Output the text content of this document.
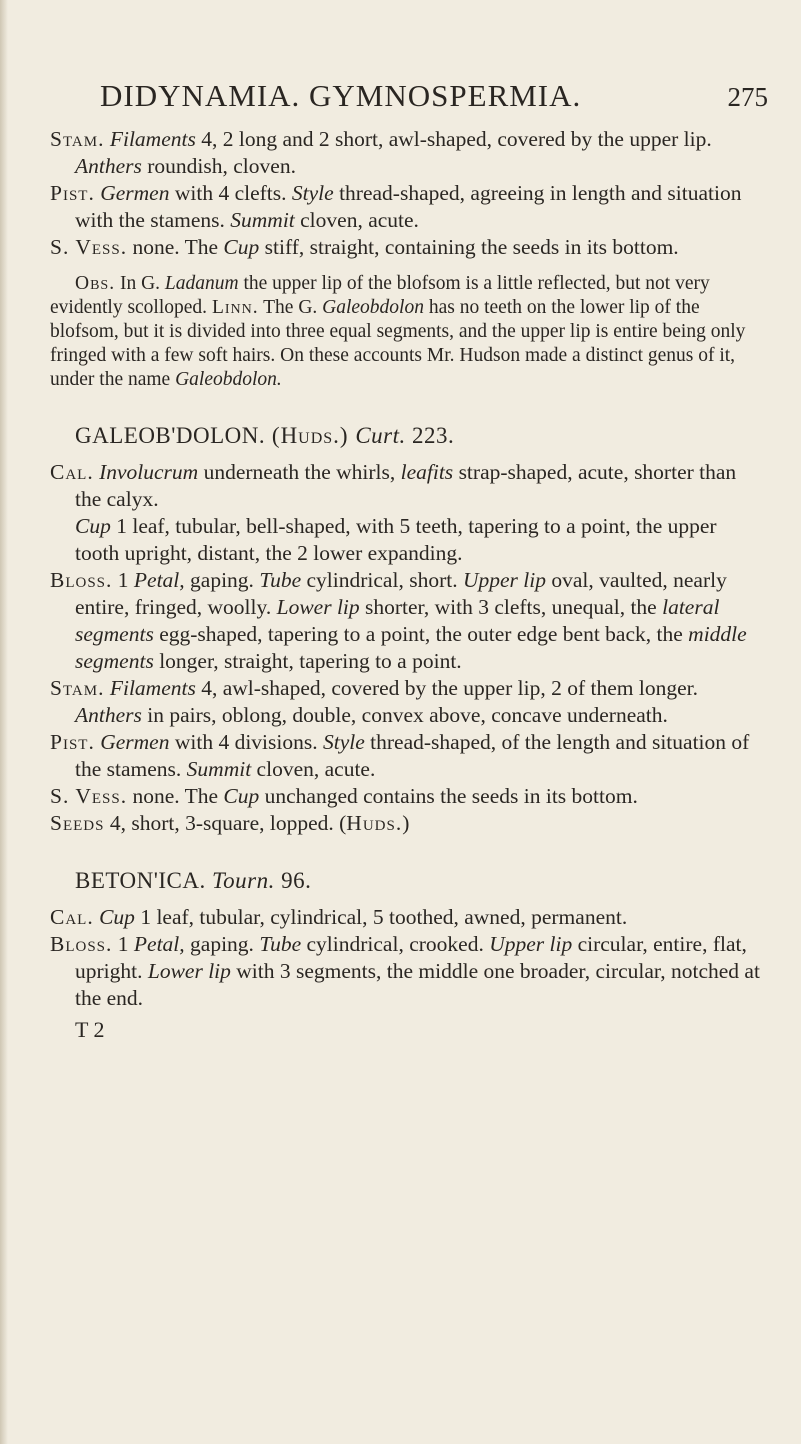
DIDYNAMIA. GYMNOSPERMIA.	275

Stam. Filaments 4, 2 long and 2 short, awl-shaped, covered by the upper lip. Anthers roundish, cloven.

Pist. Germen with 4 clefts. Style thread-shaped, agreeing in length and situation with the stamens. Summit cloven, acute.

S. Vess. none. The Cup stiff, straight, containing the seeds in its bottom.

Obs. In G. Ladanum the upper lip of the blofsom is a little reflected, but not very evidently scolloped. Linn. The G. Galeobdolon has no teeth on the lower lip of the blofsom, but it is divided into three equal segments, and the upper lip is entire being only fringed with a few soft hairs. On these accounts Mr. Hudson made a distinct genus of it, under the name Galeobdolon.

GALEOB'DOLON. (Huds.) Curt. 223.

Cal. Involucrum underneath the whirls, leafits strap-shaped, acute, shorter than the calyx.

Cup 1 leaf, tubular, bell-shaped, with 5 teeth, tapering to a point, the upper tooth upright, distant, the 2 lower expanding.

Bloss. 1 Petal, gaping. Tube cylindrical, short. Upper lip oval, vaulted, nearly entire, fringed, woolly. Lower lip shorter, with 3 clefts, unequal, the lateral segments egg-shaped, tapering to a point, the outer edge bent back, the middle segments longer, straight, tapering to a point.

Stam. Filaments 4, awl-shaped, covered by the upper lip, 2 of them longer. Anthers in pairs, oblong, double, convex above, concave underneath.

Pist. Germen with 4 divisions. Style thread-shaped, of the length and situation of the stamens. Summit cloven, acute.

S. Vess. none. The Cup unchanged contains the seeds in its bottom.

Seeds 4, short, 3-square, lopped. (Huds.)

BETON'ICA. Tourn. 96.

Cal. Cup 1 leaf, tubular, cylindrical, 5 toothed, awned, permanent.

Bloss. 1 Petal, gaping. Tube cylindrical, crooked. Upper lip circular, entire, flat, upright. Lower lip with 3 segments, the middle one broader, circular, notched at the end.

T 2
